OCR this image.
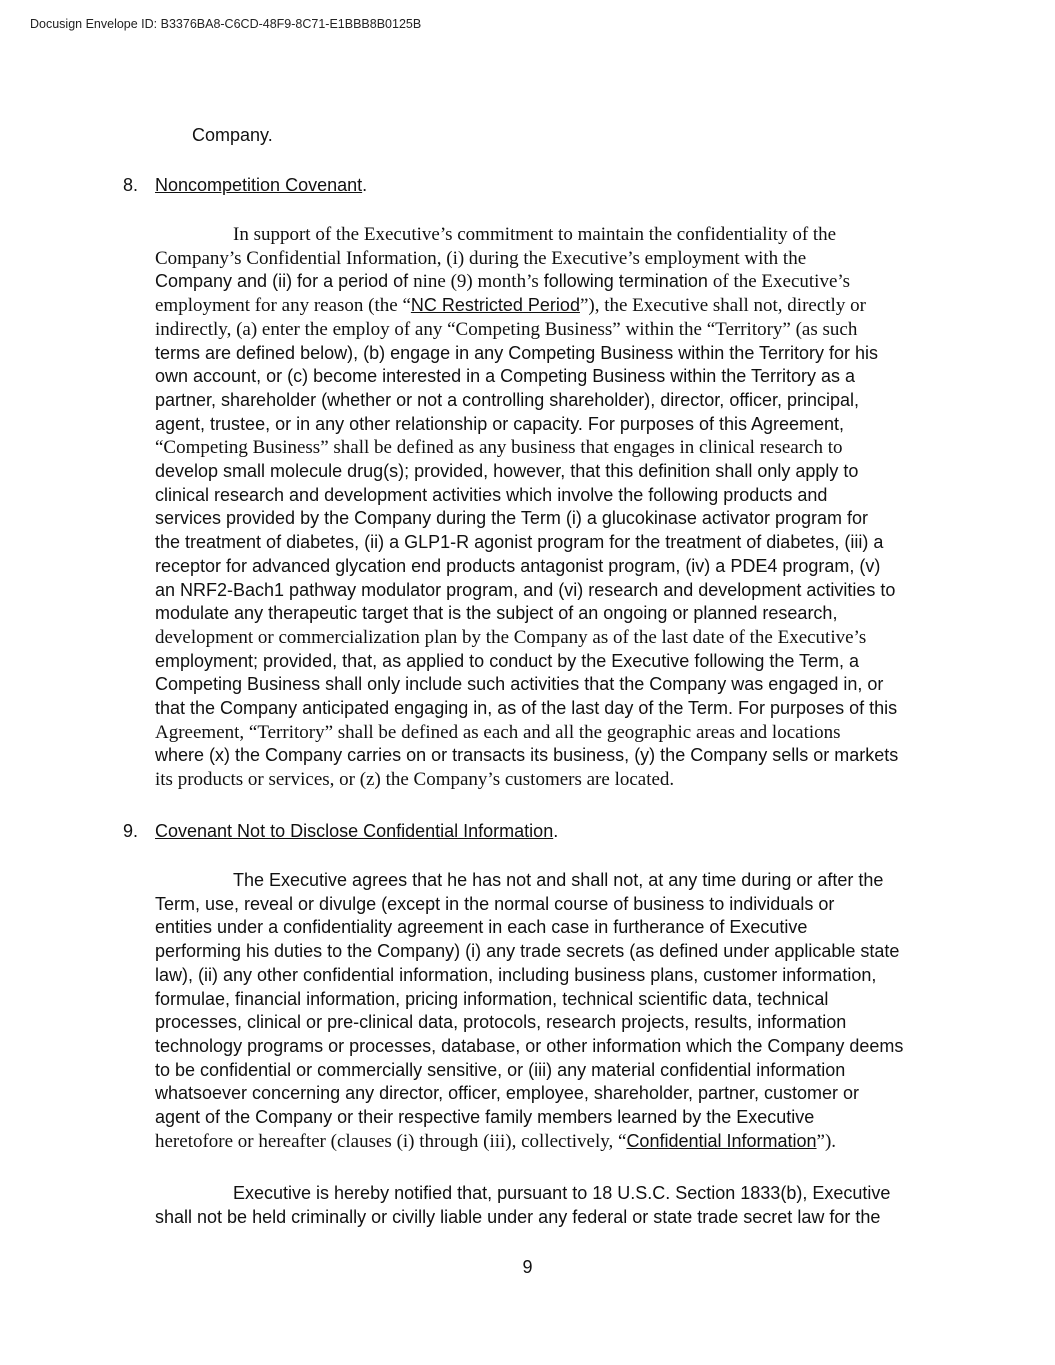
Docusign Envelope ID: B3376BA8-C6CD-48F9-8C71-E1BBB8B0125B
Company.
8. Noncompetition Covenant.
In support of the Executive’s commitment to maintain the confidentiality of the
Company’s Confidential Information, (i) during the Executive’s employment with the
Company and (ii) for a period of nine (9) month’s following termination of the Executive’s
employment for any reason (the “NC Restricted Period”), the Executive shall not, directly or
indirectly, (a) enter the employ of any “Competing Business” within the “Territory” (as such
terms are defined below), (b) engage in any Competing Business within the Territory for his
own account, or (c) become interested in a Competing Business within the Territory as a
partner, shareholder (whether or not a controlling shareholder), director, officer, principal,
agent, trustee, or in any other relationship or capacity. For purposes of this Agreement,
“Competing Business” shall be defined as any business that engages in clinical research to
develop small molecule drug(s); provided, however, that this definition shall only apply to
clinical research and development activities which involve the following products and
services provided by the Company during the Term (i) a glucokinase activator program for
the treatment of diabetes, (ii) a GLP1-R agonist program for the treatment of diabetes, (iii) a
receptor for advanced glycation end products antagonist program, (iv) a PDE4 program, (v)
an NRF2-Bach1 pathway modulator program, and (vi) research and development activities to
modulate any therapeutic target that is the subject of an ongoing or planned research,
development or commercialization plan by the Company as of the last date of the Executive’s
employment; provided, that, as applied to conduct by the Executive following the Term, a
Competing Business shall only include such activities that the Company was engaged in, or
that the Company anticipated engaging in, as of the last day of the Term. For purposes of this
Agreement, “Territory” shall be defined as each and all the geographic areas and locations
where (x) the Company carries on or transacts its business, (y) the Company sells or markets
its products or services, or (z) the Company’s customers are located.
9. Covenant Not to Disclose Confidential Information.
The Executive agrees that he has not and shall not, at any time during or after the
Term, use, reveal or divulge (except in the normal course of business to individuals or
entities under a confidentiality agreement in each case in furtherance of Executive
performing his duties to the Company) (i) any trade secrets (as defined under applicable state
law), (ii) any other confidential information, including business plans, customer information,
formulae, financial information, pricing information, technical scientific data, technical
processes, clinical or pre-clinical data, protocols, research projects, results, information
technology programs or processes, database, or other information which the Company deems
to be confidential or commercially sensitive, or (iii) any material confidential information
whatsoever concerning any director, officer, employee, shareholder, partner, customer or
agent of the Company or their respective family members learned by the Executive
heretofore or hereafter (clauses (i) through (iii), collectively, “Confidential Information”).
Executive is hereby notified that, pursuant to 18 U.S.C. Section 1833(b), Executive
shall not be held criminally or civilly liable under any federal or state trade secret law for the
9
